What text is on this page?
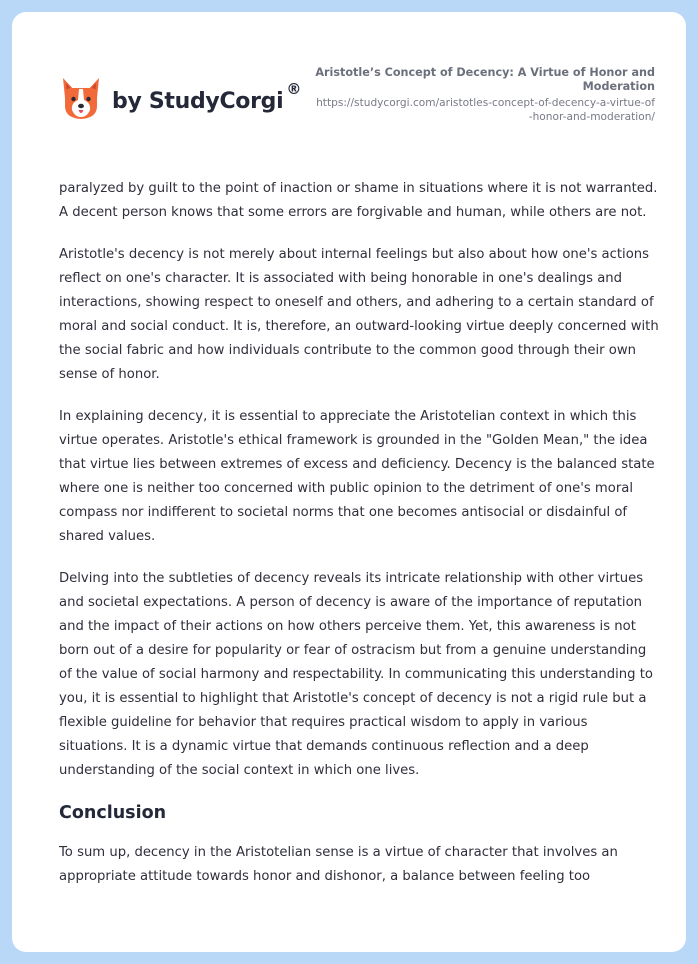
by StudyCorgi ®
Aristotle’s Concept of Decency: A Virtue of Honor and Moderation
https://studycorgi.com/aristotles-concept-of-decency-a-virtue-of-honor-and-moderation/

paralyzed by guilt to the point of inaction or shame in situations where it is not warranted. A decent person knows that some errors are forgivable and human, while others are not.

Aristotle's decency is not merely about internal feelings but also about how one's actions reflect on one's character. It is associated with being honorable in one's dealings and interactions, showing respect to oneself and others, and adhering to a certain standard of moral and social conduct. It is, therefore, an outward-looking virtue deeply concerned with the social fabric and how individuals contribute to the common good through their own sense of honor.

In explaining decency, it is essential to appreciate the Aristotelian context in which this virtue operates. Aristotle's ethical framework is grounded in the "Golden Mean," the idea that virtue lies between extremes of excess and deficiency. Decency is the balanced state where one is neither too concerned with public opinion to the detriment of one's moral compass nor indifferent to societal norms that one becomes antisocial or disdainful of shared values.

Delving into the subtleties of decency reveals its intricate relationship with other virtues and societal expectations. A person of decency is aware of the importance of reputation and the impact of their actions on how others perceive them. Yet, this awareness is not born out of a desire for popularity or fear of ostracism but from a genuine understanding of the value of social harmony and respectability. In communicating this understanding to you, it is essential to highlight that Aristotle's concept of decency is not a rigid rule but a flexible guideline for behavior that requires practical wisdom to apply in various situations. It is a dynamic virtue that demands continuous reflection and a deep understanding of the social context in which one lives.

Conclusion

To sum up, decency in the Aristotelian sense is a virtue of character that involves an appropriate attitude towards honor and dishonor, a balance between feeling too
